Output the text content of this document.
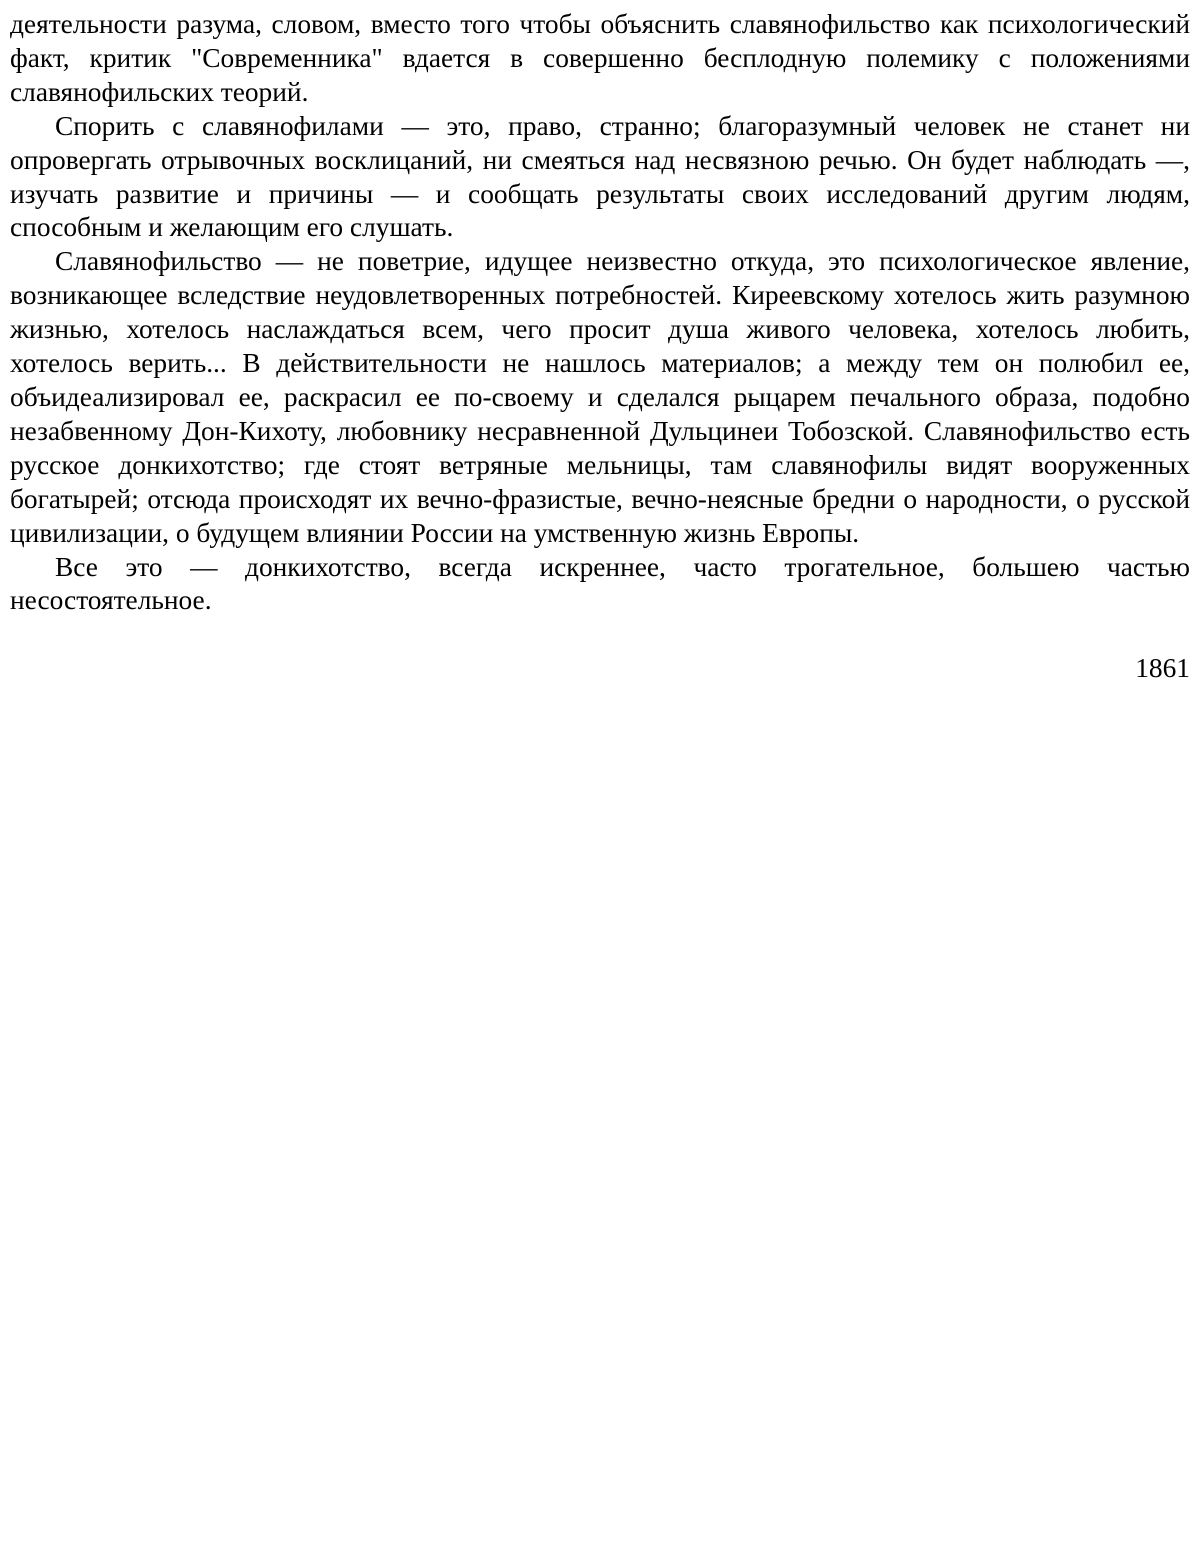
деятельности разума, словом, вместо того чтобы объяснить славянофильство как психологический факт, критик "Современника" вдается в совершенно бесплодную полемику с положениями славянофильских теорий.

Спорить с славянофилами — это, право, странно; благоразумный человек не станет ни опровергать отрывочных восклицаний, ни смеяться над несвязною речью. Он будет наблюдать —, изучать развитие и причины — и сообщать результаты своих исследований другим людям, способным и желающим его слушать.

Славянофильство — не поветрие, идущее неизвестно откуда, это психологическое явление, возникающее вследствие неудовлетворенных потребностей. Киреевскому хотелось жить разумною жизнью, хотелось наслаждаться всем, чего просит душа живого человека, хотелось любить, хотелось верить... В действительности не нашлось материалов; а между тем он полюбил ее, объидеализировал ее, раскрасил ее по-своему и сделался рыцарем печального образа, подобно незабвенному Дон-Кихоту, любовнику несравненной Дульцинеи Тобозской. Славянофильство есть русское донкихотство; где стоят ветряные мельницы, там славянофилы видят вооруженных богатырей; отсюда происходят их вечно-фразистые, вечно-неясные бредни о народности, о русской цивилизации, о будущем влиянии России на умственную жизнь Европы.

Все это — донкихотство, всегда искреннее, часто трогательное, большею частью несостоятельное.

1861
